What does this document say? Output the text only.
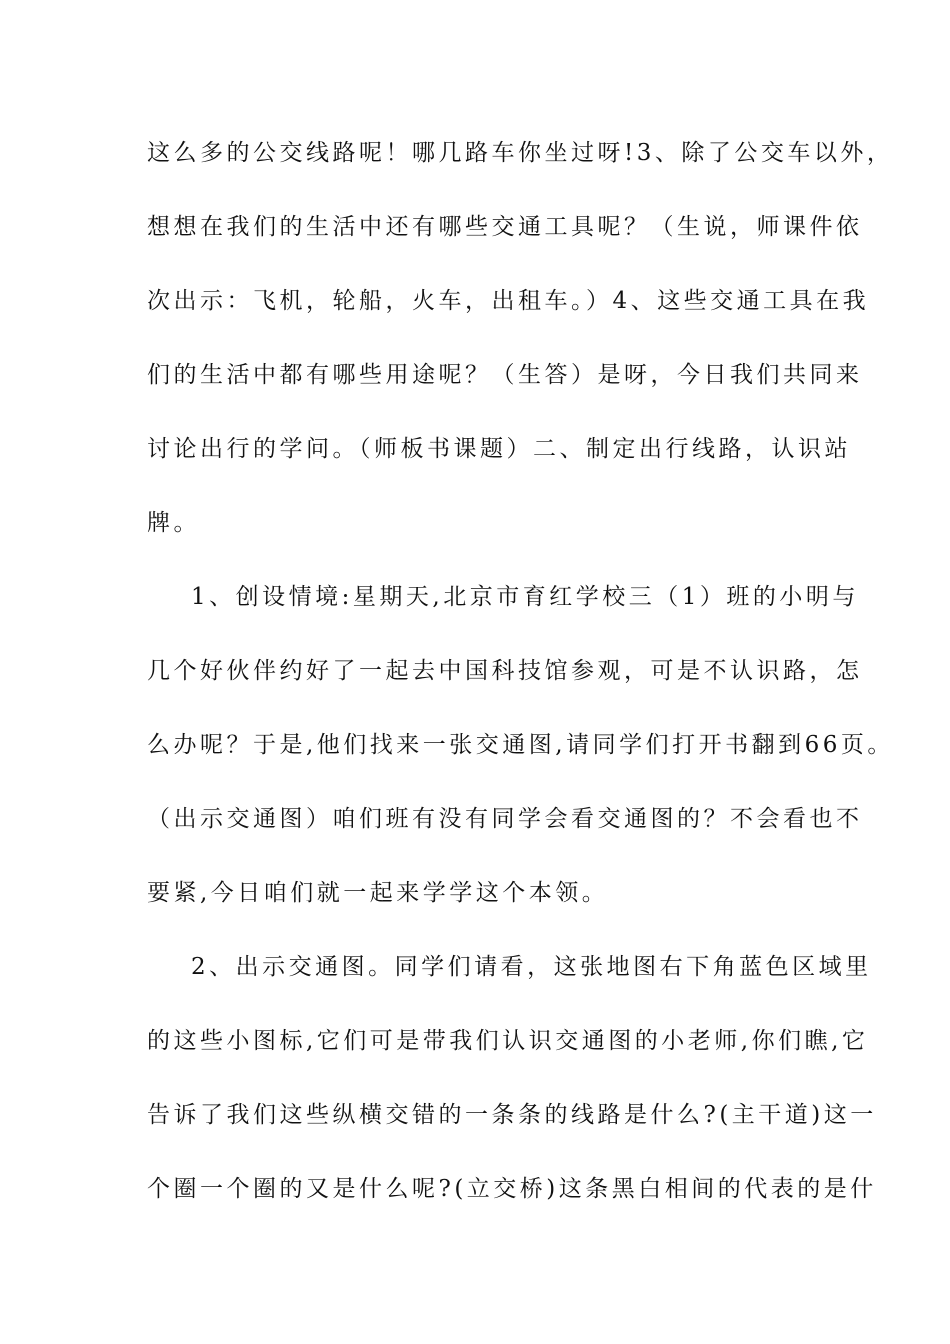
这么多的公交线路呢！哪几路车你坐过呀!3、除了公交车以外，
想想在我们的生活中还有哪些交通工具呢？（生说，师课件依
次出示：飞机，轮船，火车，出租车。）4、这些交通工具在我
们的生活中都有哪些用途呢？（生答）是呀，今日我们共同来
讨论出行的学问。（师板书课题）二、制定出行线路，认识站
牌。
1、创设情境:星期天,北京市育红学校三（1）班的小明与
几个好伙伴约好了一起去中国科技馆参观，可是不认识路，怎
么办呢？于是,他们找来一张交通图,请同学们打开书翻到66页。
（出示交通图）咱们班有没有同学会看交通图的？不会看也不
要紧,今日咱们就一起来学学这个本领。
2、出示交通图。同学们请看，这张地图右下角蓝色区域里
的这些小图标,它们可是带我们认识交通图的小老师,你们瞧,它
告诉了我们这些纵横交错的一条条的线路是什么?(主干道)这一
个圈一个圈的又是什么呢?(立交桥)这条黑白相间的代表的是什
